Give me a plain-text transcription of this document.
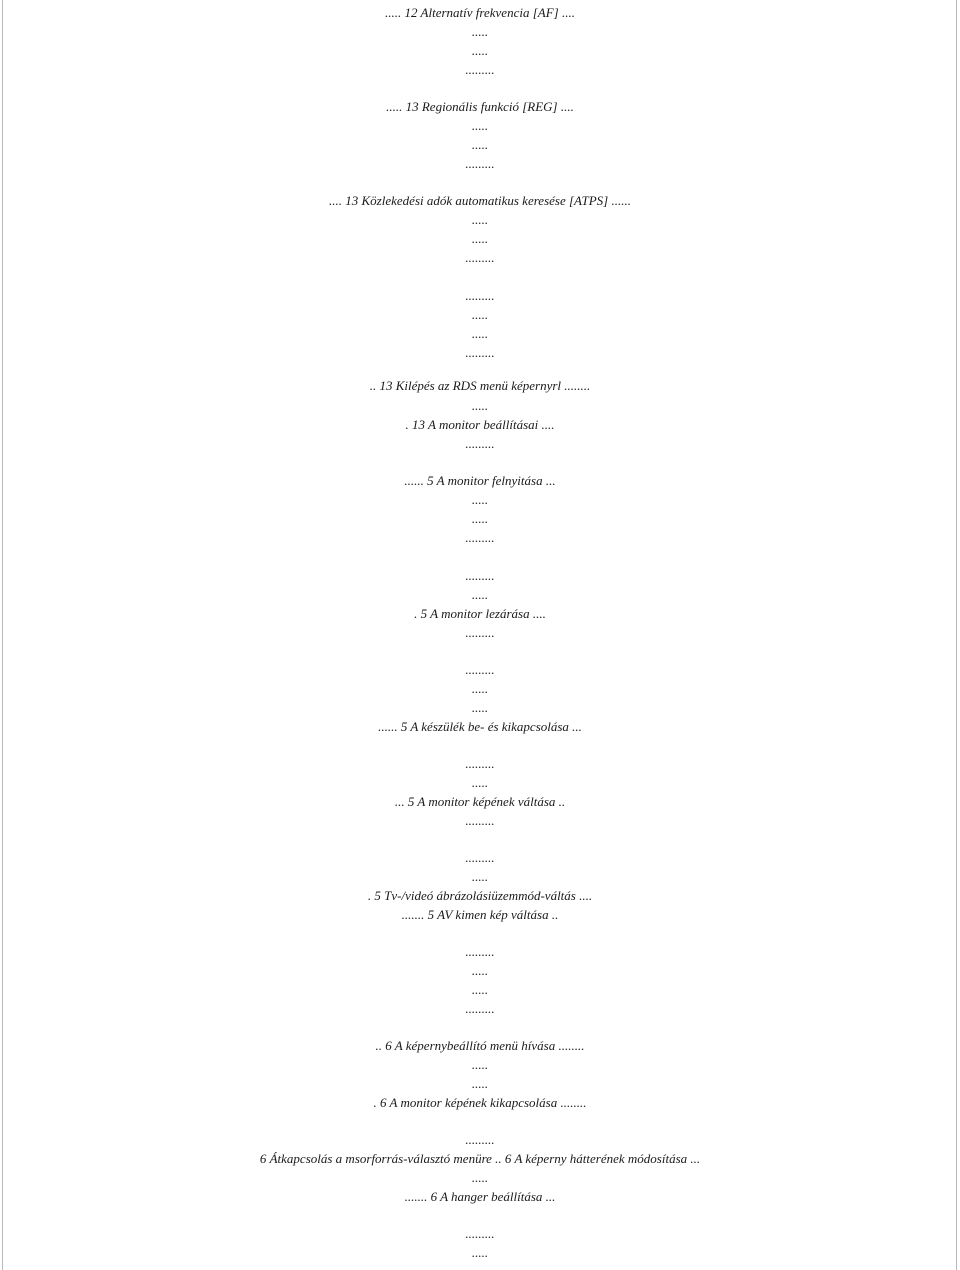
..... 12 Alternatív frekvencia [AF] ....
.....
.....
.........
..... 13 Regionális funkció [REG] ....
.....
.....
.........
.... 13 Közlekedési adók automatikus keresése [ATPS] ......
.....
.....
.........
.........
.....
.....
.........
.. 13 Kilépés az RDS menü képernyrl ........
.....
. 13 A monitor beállításai ....
.........
...... 5 A monitor felnyitása ...
.....
.....
.........
.........
.....
. 5 A monitor lezárása ....
.........
.........
.....
.....
...... 5 A készülék be- és kikapcsolása ...
.........
.....
... 5 A monitor képének váltása ..
.........
.........
.....
. 5 Tv-/videó ábrázolásiüzemmód-váltás ....
....... 5 AV kimen kép váltása ..
.........
.....
.....
.........
.. 6 A képernybeállító menü hívása ........
.....
.....
. 6 A monitor képének kikapcsolása ........
.........
6 Átkapcsolás a msorforrás-választó menüre .. 6 A képerny hátterének módosítása ...
.....
....... 6 A hanger beállítása ...
.........
.....
